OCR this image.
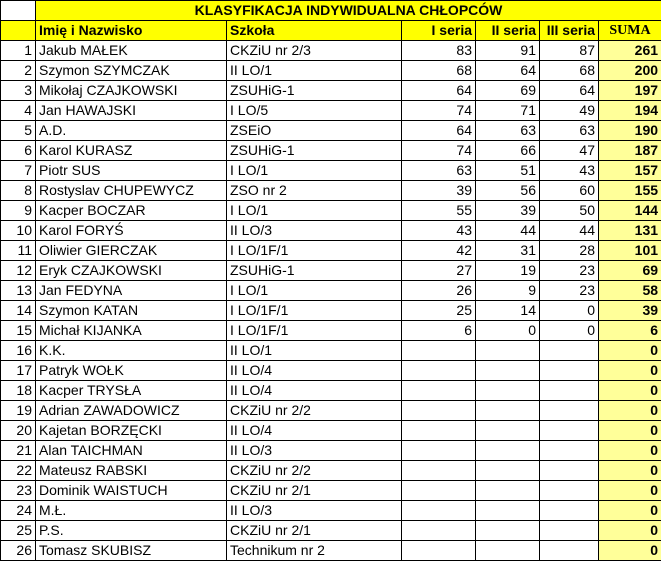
	KLASYFIKACJA INDYWIDUALNA CHŁOPCÓW					
	Imię i Nazwisko	Szkoła	I seria	II seria	III seria	SUMA
1	Jakub MAŁEK	CKZiU nr 2/3	83	91	87	261
2	Szymon SZYMCZAK	II LO/1	68	64	68	200
3	Mikołaj CZAJKOWSKI	ZSUHiG-1	64	69	64	197
4	Jan HAWAJSKI	I LO/5	74	71	49	194
5	A.D.	ZSEiO	64	63	63	190
6	Karol KURASZ	ZSUHiG-1	74	66	47	187
7	Piotr SUS	I LO/1	63	51	43	157
8	Rostyslav CHUPEWYCZ	ZSO nr 2	39	56	60	155
9	Kacper BOCZAR	I LO/1	55	39	50	144
10	Karol FORYŚ	II LO/3	43	44	44	131
11	Oliwier GIERCZAK	I LO/1F/1	42	31	28	101
12	Eryk CZAJKOWSKI	ZSUHiG-1	27	19	23	69
13	Jan FEDYNA	I LO/1	26	9	23	58
14	Szymon KATAN	I LO/1F/1	25	14	0	39
15	Michał KIJANKA	I LO/1F/1	6	0	0	6
16	K.K.	II LO/1				0
17	Patryk WOŁK	II LO/4				0
18	Kacper TRYSŁA	II LO/4				0
19	Adrian ZAWADOWICZ	CKZiU nr 2/2				0
20	Kajetan BORZĘCKI	II LO/4				0
21	Alan TAICHMAN	II LO/3				0
22	Mateusz RABSKI	CKZiU nr 2/2				0
23	Dominik WAISTUCH	CKZiU nr 2/1				0
24	M.Ł.	II LO/3				0
25	P.S.	CKZiU nr 2/1				0
26	Tomasz SKUBISZ	Technikum nr 2				0
